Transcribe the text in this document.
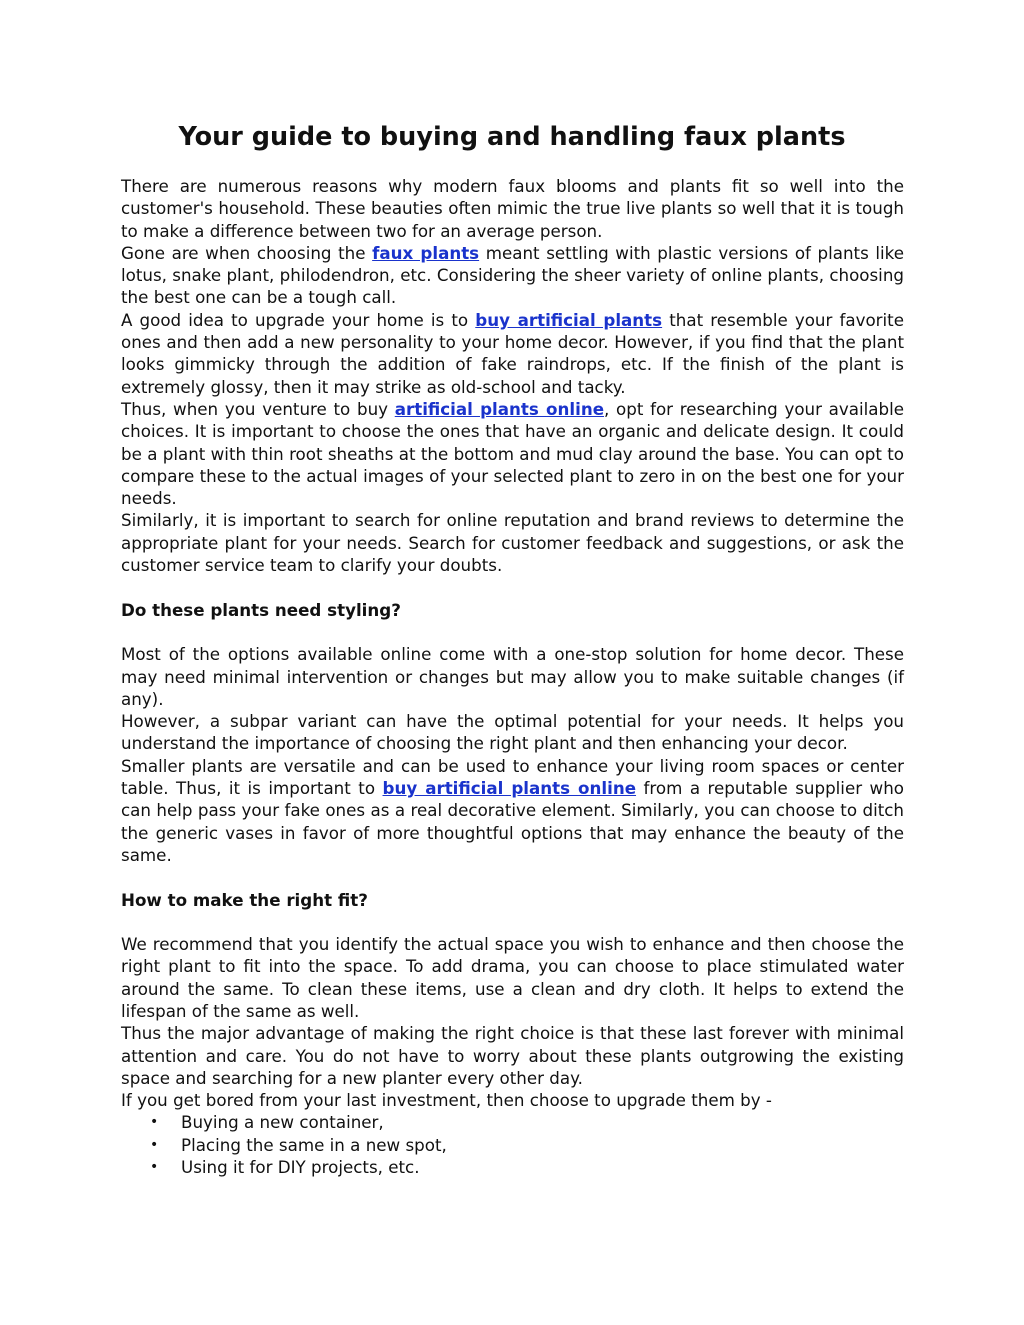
Your guide to buying and handling faux plants

There are numerous reasons why modern faux blooms and plants fit so well into the customer's household. These beauties often mimic the true live plants so well that it is tough to make a difference between two for an average person.

Gone are when choosing the faux plants meant settling with plastic versions of plants like lotus, snake plant, philodendron, etc. Considering the sheer variety of online plants, choosing the best one can be a tough call.

A good idea to upgrade your home is to buy artificial plants that resemble your favorite ones and then add a new personality to your home decor. However, if you find that the plant looks gimmicky through the addition of fake raindrops, etc. If the finish of the plant is extremely glossy, then it may strike as old-school and tacky.

Thus, when you venture to buy artificial plants online, opt for researching your available choices. It is important to choose the ones that have an organic and delicate design. It could be a plant with thin root sheaths at the bottom and mud clay around the base. You can opt to compare these to the actual images of your selected plant to zero in on the best one for your needs.

Similarly, it is important to search for online reputation and brand reviews to determine the appropriate plant for your needs. Search for customer feedback and suggestions, or ask the customer service team to clarify your doubts.

Do these plants need styling?

Most of the options available online come with a one-stop solution for home decor. These may need minimal intervention or changes but may allow you to make suitable changes (if any).

However, a subpar variant can have the optimal potential for your needs. It helps you understand the importance of choosing the right plant and then enhancing your decor.

Smaller plants are versatile and can be used to enhance your living room spaces or center table. Thus, it is important to buy artificial plants online from a reputable supplier who can help pass your fake ones as a real decorative element. Similarly, you can choose to ditch the generic vases in favor of more thoughtful options that may enhance the beauty of the same.

How to make the right fit?

We recommend that you identify the actual space you wish to enhance and then choose the right plant to fit into the space. To add drama, you can choose to place stimulated water around the same. To clean these items, use a clean and dry cloth. It helps to extend the lifespan of the same as well.

Thus the major advantage of making the right choice is that these last forever with minimal attention and care. You do not have to worry about these plants outgrowing the existing space and searching for a new planter every other day.

If you get bored from your last investment, then choose to upgrade them by -

• Buying a new container,
• Placing the same in a new spot,
• Using it for DIY projects, etc.
